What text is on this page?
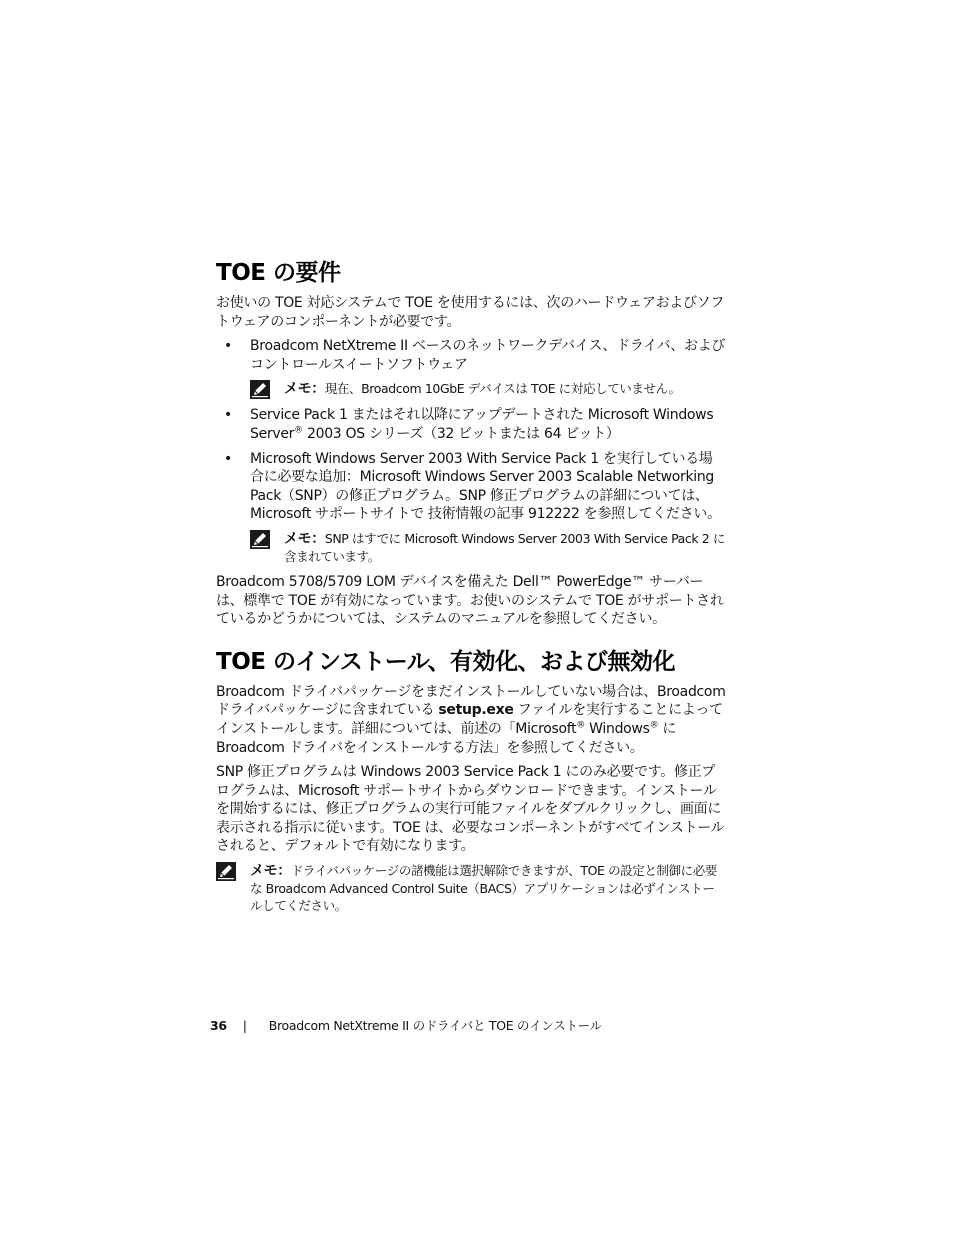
TOE の要件

お使いの TOE 対応システムで TOE を使用するには、次のハードウェアおよびソフトウェアのコンポーネントが必要です。

• Broadcom NetXtreme II ベースのネットワークデバイス、ドライバ、およびコントロールスイートソフトウェア
メモ：現在、Broadcom 10GbE デバイスは TOE に対応していません。
• Service Pack 1 またはそれ以降にアップデートされた Microsoft Windows Server® 2003 OS シリーズ（32 ビットまたは 64 ビット）
• Microsoft Windows Server 2003 With Service Pack 1 を実行している場合に必要な追加：Microsoft Windows Server 2003 Scalable Networking Pack（SNP）の修正プログラム。SNP 修正プログラムの詳細については、Microsoft サポートサイトで 技術情報の記事 912222 を参照してください。
メモ：SNP はすでに Microsoft Windows Server 2003 With Service Pack 2 に含まれています。

Broadcom 5708/5709 LOM デバイスを備えた Dell™ PowerEdge™ サーバーは、標準で TOE が有効になっています。お使いのシステムで TOE がサポートされているかどうかについては、システムのマニュアルを参照してください。

TOE のインストール、有効化、および無効化

Broadcom ドライバパッケージをまだインストールしていない場合は、Broadcom ドライバパッケージに含まれている setup.exe ファイルを実行することによってインストールします。詳細については、前述の「Microsoft® Windows® に Broadcom ドライバをインストールする方法」を参照してください。

SNP 修正プログラムは Windows 2003 Service Pack 1 にのみ必要です。修正プログラムは、Microsoft サポートサイトからダウンロードできます。インストールを開始するには、修正プログラムの実行可能ファイルをダブルクリックし、画面に表示される指示に従います。TOE は、必要なコンポーネントがすべてインストールされると、デフォルトで有効になります。

メモ：ドライバパッケージの諸機能は選択解除できますが、TOE の設定と制御に必要な Broadcom Advanced Control Suite（BACS）アプリケーションは必ずインストールしてください。
36 | Broadcom NetXtreme II のドライバと TOE のインストール
